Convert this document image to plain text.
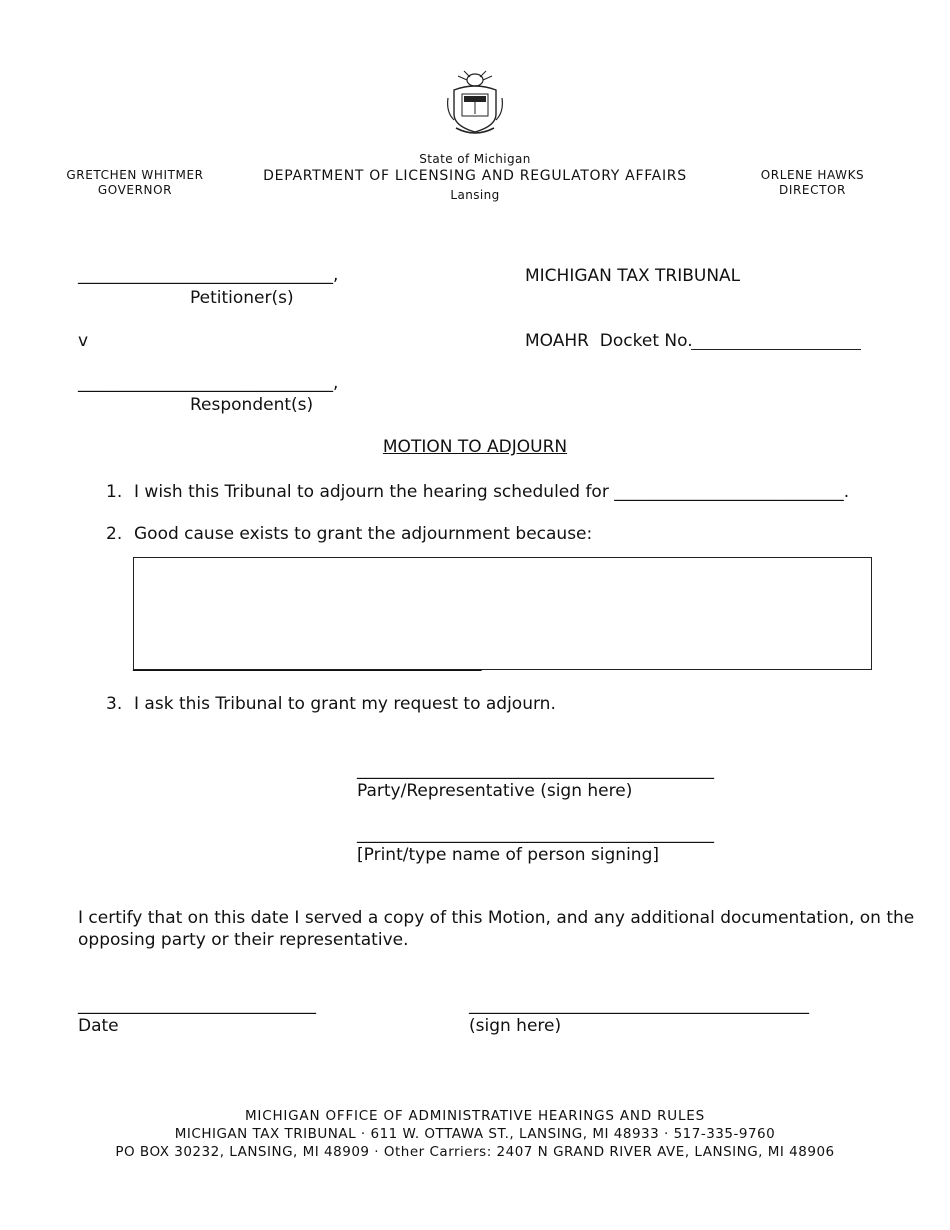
State of Michigan
DEPARTMENT OF LICENSING AND REGULATORY AFFAIRS
Lansing
GRETCHEN WHITMER
GOVERNOR
ORLENE HAWKS
DIRECTOR
______________________________,
Petitioner(s)
v
______________________________,
Respondent(s)
MICHIGAN TAX TRIBUNAL
MOAHR  Docket No.
MOTION TO ADJOURN
1. I wish this Tribunal to adjourn the hearing scheduled for ___________________________.
2. Good cause exists to grant the adjournment because:
_________________________________________
3. I ask this Tribunal to grant my request to adjourn.
__________________________________________
Party/Representative (sign here)
__________________________________________
[Print/type name of person signing]
I certify that on this date I served a copy of this Motion, and any additional documentation, on the
opposing party or their representative.
____________________________
Date
________________________________________
(sign here)
MICHIGAN OFFICE OF ADMINISTRATIVE HEARINGS AND RULES
MICHIGAN TAX TRIBUNAL · 611 W. OTTAWA ST., LANSING, MI 48933 · 517-335-9760
PO BOX 30232, LANSING, MI 48909 · Other Carriers: 2407 N GRAND RIVER AVE, LANSING, MI 48906
